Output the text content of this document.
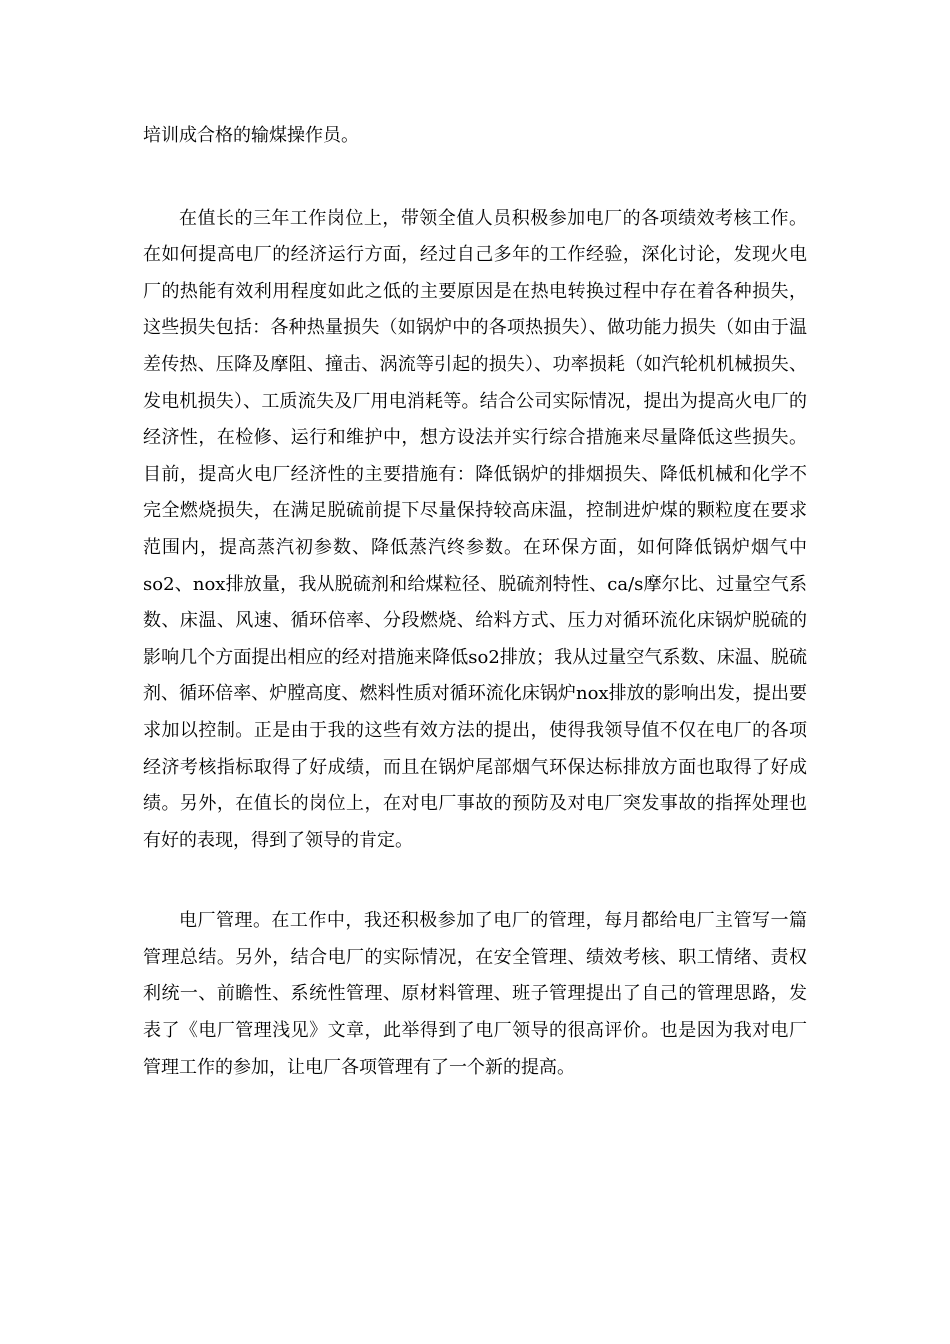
培训成合格的输煤操作员。

在值长的三年工作岗位上，带领全值人员积极参加电厂的各项绩效考核工作。在如何提高电厂的经济运行方面，经过自己多年的工作经验，深化讨论，发现火电厂的热能有效利用程度如此之低的主要原因是在热电转换过程中存在着各种损失，这些损失包括：各种热量损失（如锅炉中的各项热损失）、做功能力损失（如由于温差传热、压降及摩阻、撞击、涡流等引起的损失）、功率损耗（如汽轮机机械损失、发电机损失）、工质流失及厂用电消耗等。结合公司实际情况，提出为提高火电厂的经济性，在检修、运行和维护中，想方设法并实行综合措施来尽量降低这些损失。目前，提高火电厂经济性的主要措施有：降低锅炉的排烟损失、降低机械和化学不完全燃烧损失，在满足脱硫前提下尽量保持较高床温，控制进炉煤的颗粒度在要求范围内，提高蒸汽初参数、降低蒸汽终参数。在环保方面，如何降低锅炉烟气中so2、nox排放量，我从脱硫剂和给煤粒径、脱硫剂特性、ca/s摩尔比、过量空气系数、床温、风速、循环倍率、分段燃烧、给料方式、压力对循环流化床锅炉脱硫的影响几个方面提出相应的经对措施来降低so2排放；我从过量空气系数、床温、脱硫剂、循环倍率、炉膛高度、燃料性质对循环流化床锅炉nox排放的影响出发，提出要求加以控制。正是由于我的这些有效方法的提出，使得我领导值不仅在电厂的各项经济考核指标取得了好成绩，而且在锅炉尾部烟气环保达标排放方面也取得了好成绩。另外，在值长的岗位上，在对电厂事故的预防及对电厂突发事故的指挥处理也有好的表现，得到了领导的肯定。

电厂管理。在工作中，我还积极参加了电厂的管理，每月都给电厂主管写一篇管理总结。另外，结合电厂的实际情况，在安全管理、绩效考核、职工情绪、责权利统一、前瞻性、系统性管理、原材料管理、班子管理提出了自己的管理思路，发表了《电厂管理浅见》文章，此举得到了电厂领导的很高评价。也是因为我对电厂管理工作的参加，让电厂各项管理有了一个新的提高。
